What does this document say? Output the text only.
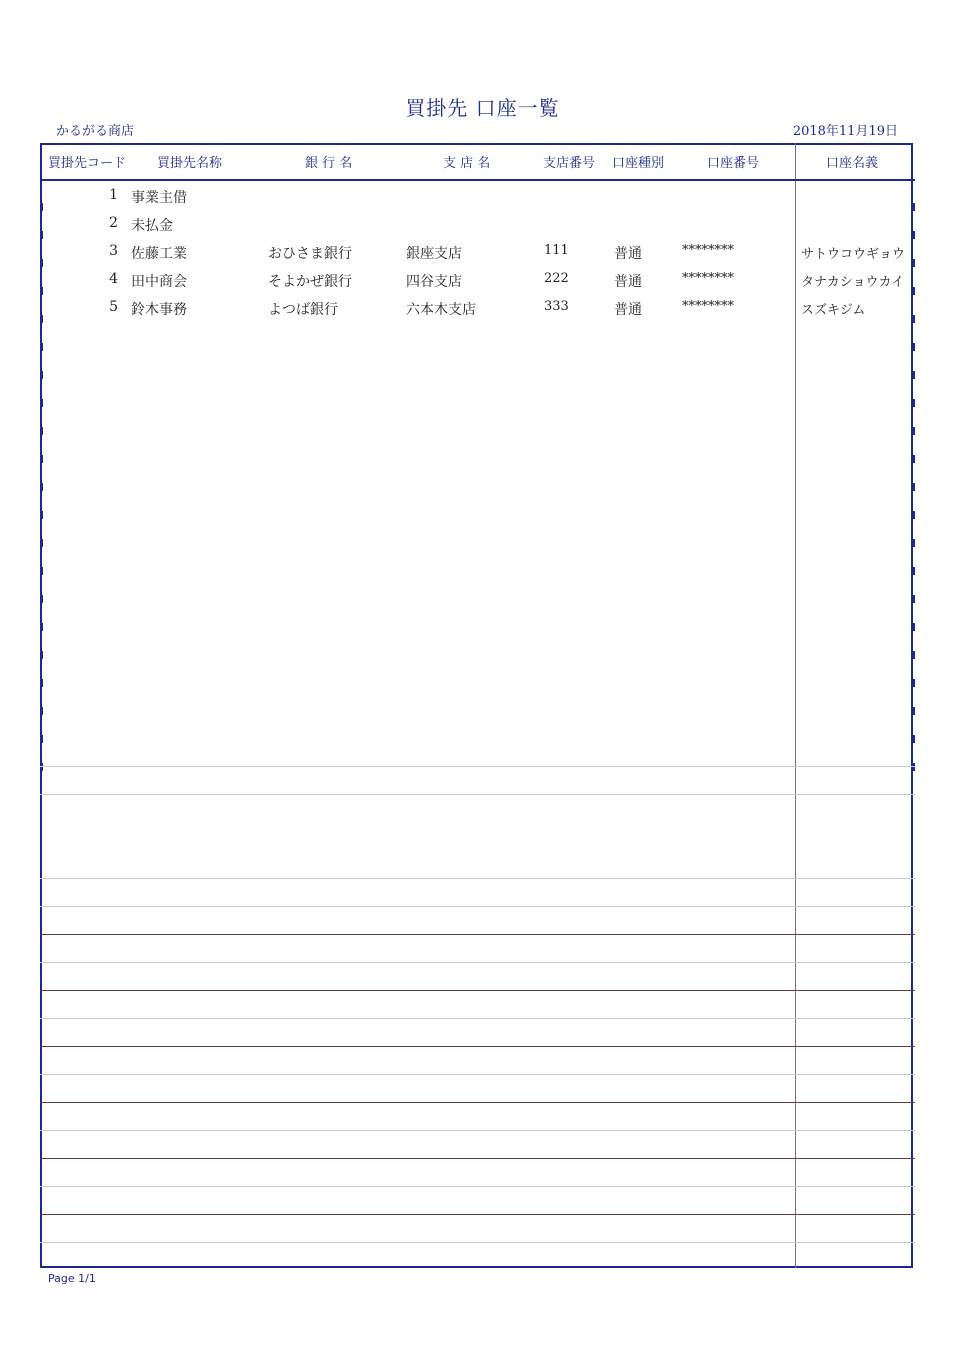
買掛先 口座一覧
かるがる商店	2018年11月19日
買掛先コード 買掛先名称	銀 行 名	支 店 名	支店番号 口座種別	口座番号	口座名義
1 事業主借
2 未払金
3 佐藤工業	おひさま銀行	銀座支店	111	普通	********	サトウコウギョウ
4 田中商会	そよかぜ銀行	四谷支店	222	普通	********	タナカショウカイ
5 鈴木事務	よつば銀行	六本木支店	333	普通	********	スズキジム
Page 1/1
